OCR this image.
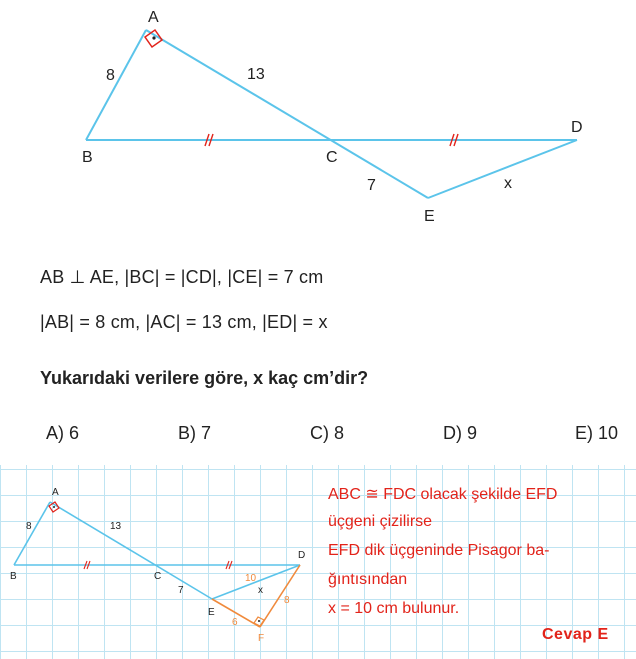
A
B	C
D
E
8	13
7	x
AB ⊥ AE, |BC| = |CD|, |CE| = 7 cm
|AB| = 8 cm, |AC| = 13 cm, |ED| = x
Yukarıdaki verilere göre, x kaç cm’dir?
A) 6	B) 7	C) 8	D) 9	E) 10
A
B	C
D
E
8	13
7	x
F
10
8
6
ABC ≅ FDC olacak şekilde EFD
üçgeni çizilirse
EFD dik üçgeninde Pisagor ba-
ğıntısından
x = 10 cm bulunur.
Cevap E
